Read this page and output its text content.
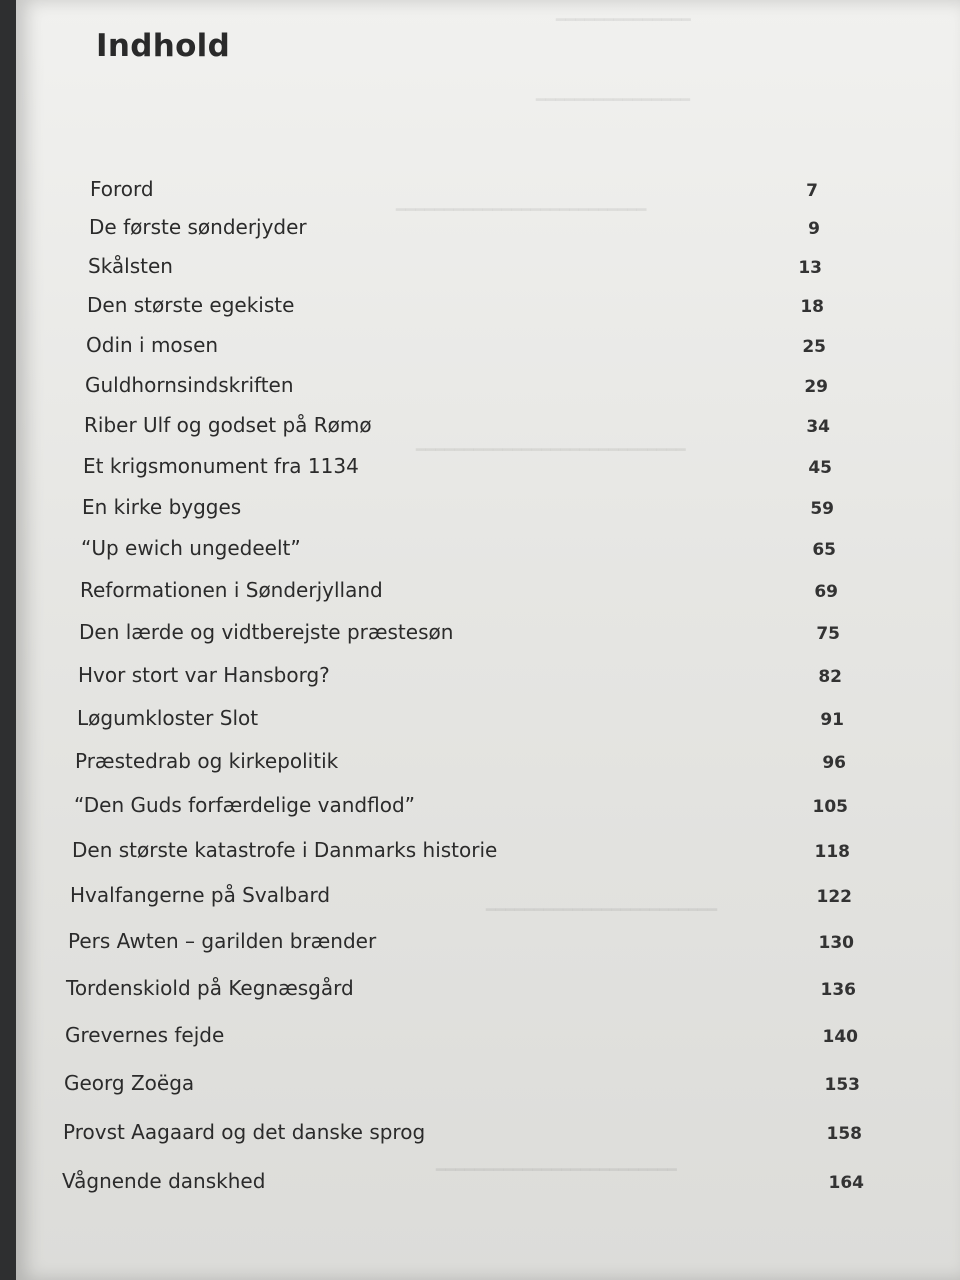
━━━━━━━━━━━━━━
━━━━━━━━━━━━━━━━
━━━━━━━━━━━━━━━━━━━━━━━━━━
━━━━━━━━━━━━━━━━━━━━━━━━━━━━
━━━━━━━━━━━━━━━━━━━━━━━━
━━━━━━━━━━━━━━━━━━━━━━━━━
Indhold
Forord	7
De første sønderjyder	9
Skålsten	13
Den største egekiste	18
Odin i mosen	25
Guldhornsindskriften	29
Riber Ulf og godset på Rømø	34
Et krigsmonument fra 1134	45
En kirke bygges	59
“Up ewich ungedeelt”	65
Reformationen i Sønderjylland	69
Den lærde og vidtberejste præstesøn	75
Hvor stort var Hansborg?	82
Løgumkloster Slot	91
Præstedrab og kirkepolitik	96
“Den Guds forfærdelige vandflod”	105
Den største katastrofe i Danmarks historie	118
Hvalfangerne på Svalbard	122
Pers Awten – garilden brænder	130
Tordenskiold på Kegnæsgård	136
Grevernes fejde	140
Georg Zoëga	153
Provst Aagaard og det danske sprog	158
Vågnende danskhed	164
